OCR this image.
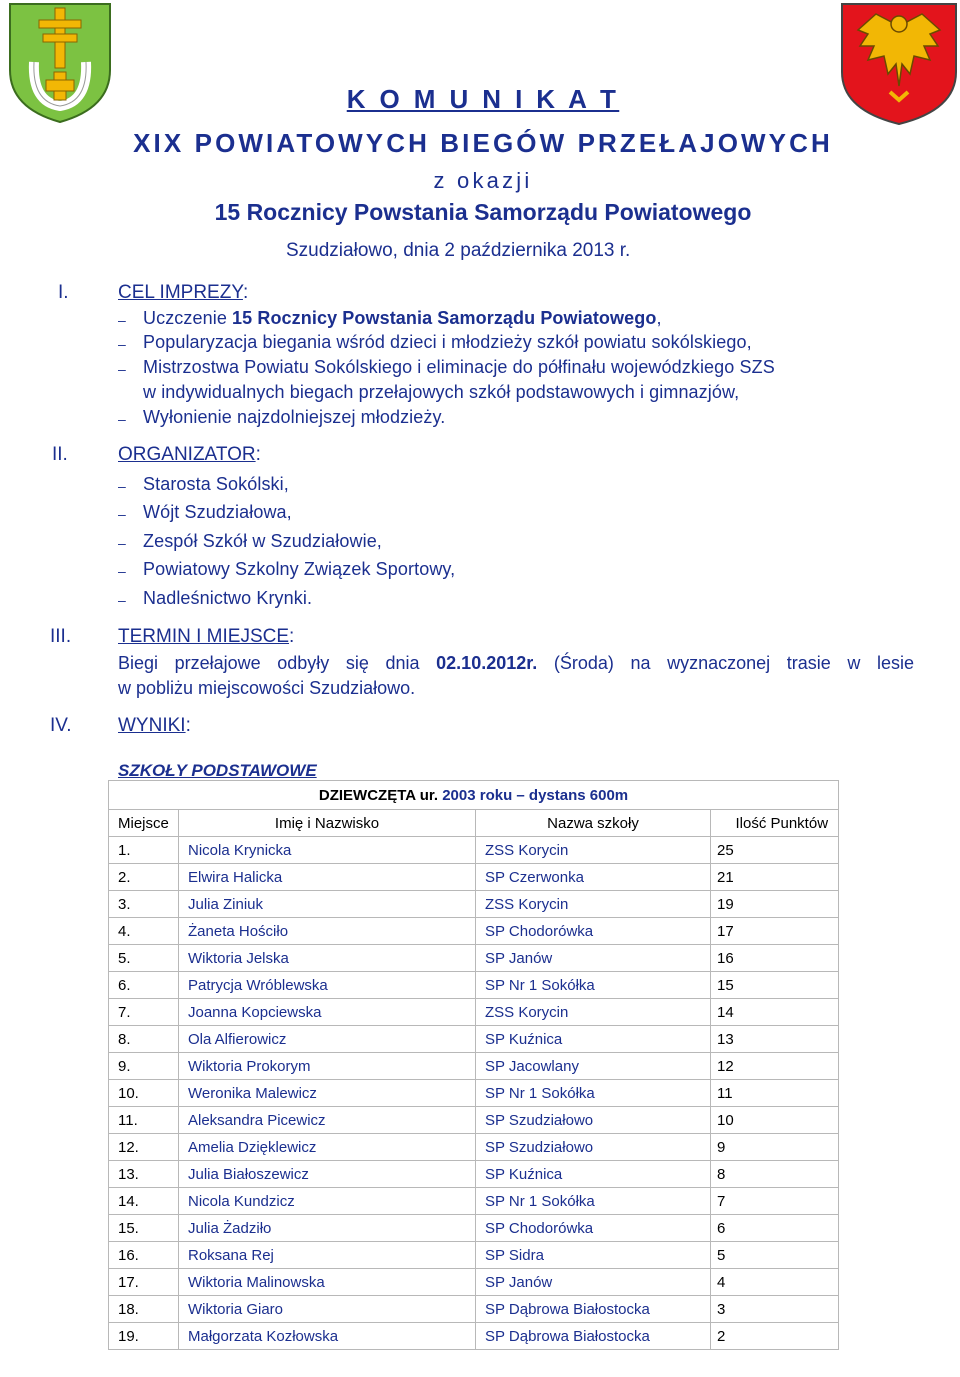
K O M U N I K A T
XIX POWIATOWYCH BIEGÓW PRZEŁAJOWYCH
z okazji
15 Rocznicy Powstania Samorządu Powiatowego
Szudziałowo, dnia 2 października 2013 r.
I.	CEL IMPREZY:
– Uczczenie 15 Rocznicy Powstania Samorządu Powiatowego,
– Popularyzacja biegania wśród dzieci i młodzieży szkół powiatu sokólskiego,
– Mistrzostwa Powiatu Sokólskiego i eliminacje do półfinału wojewódzkiego SZS
w indywidualnych biegach przełajowych szkół podstawowych i gimnazjów,
– Wyłonienie najzdolniejszej młodzieży.
II.	ORGANIZATOR:
– Starosta Sokólski,
– Wójt Szudziałowa,
– Zespół Szkół w Szudziałowie,
– Powiatowy Szkolny Związek Sportowy,
– Nadleśnictwo Krynki.
III. TERMIN I MIEJSCE:
Biegi przełajowe odbyły się dnia 02.10.2012r. (Środa) na wyznaczonej trasie w lesie
w pobliżu miejscowości Szudziałowo.
IV. WYNIKI:
SZKOŁY PODSTAWOWE
DZIEWCZĘTA ur. 2003 roku – dystans 600m			
Miejsce	Imię i Nazwisko	Nazwa szkoły	Ilość Punktów
1.	Nicola Krynicka	ZSS Korycin	25
2.	Elwira Halicka	SP Czerwonka	21
3.	Julia Ziniuk	ZSS Korycin	19
4.	Żaneta Hościło	SP Chodorówka	17
5.	Wiktoria Jelska	SP Janów	16
6.	Patrycja Wróblewska	SP Nr 1 Sokółka	15
7.	Joanna Kopciewska	ZSS Korycin	14
8.	Ola Alfierowicz	SP Kuźnica	13
9.	Wiktoria Prokorym	SP Jacowlany	12
10.	Weronika Malewicz	SP Nr 1 Sokółka	11
11.	Aleksandra Picewicz	SP Szudziałowo	10
12.	Amelia Dzięklewicz	SP Szudziałowo	9
13.	Julia Białoszewicz	SP Kuźnica	8
14.	Nicola Kundzicz	SP Nr 1 Sokółka	7
15.	Julia Żadziło	SP Chodorówka	6
16.	Roksana Rej	SP Sidra	5
17.	Wiktoria Malinowska	SP Janów	4
18.	Wiktoria Giaro	SP Dąbrowa Białostocka	3
19.	Małgorzata Kozłowska	SP Dąbrowa Białostocka	2
